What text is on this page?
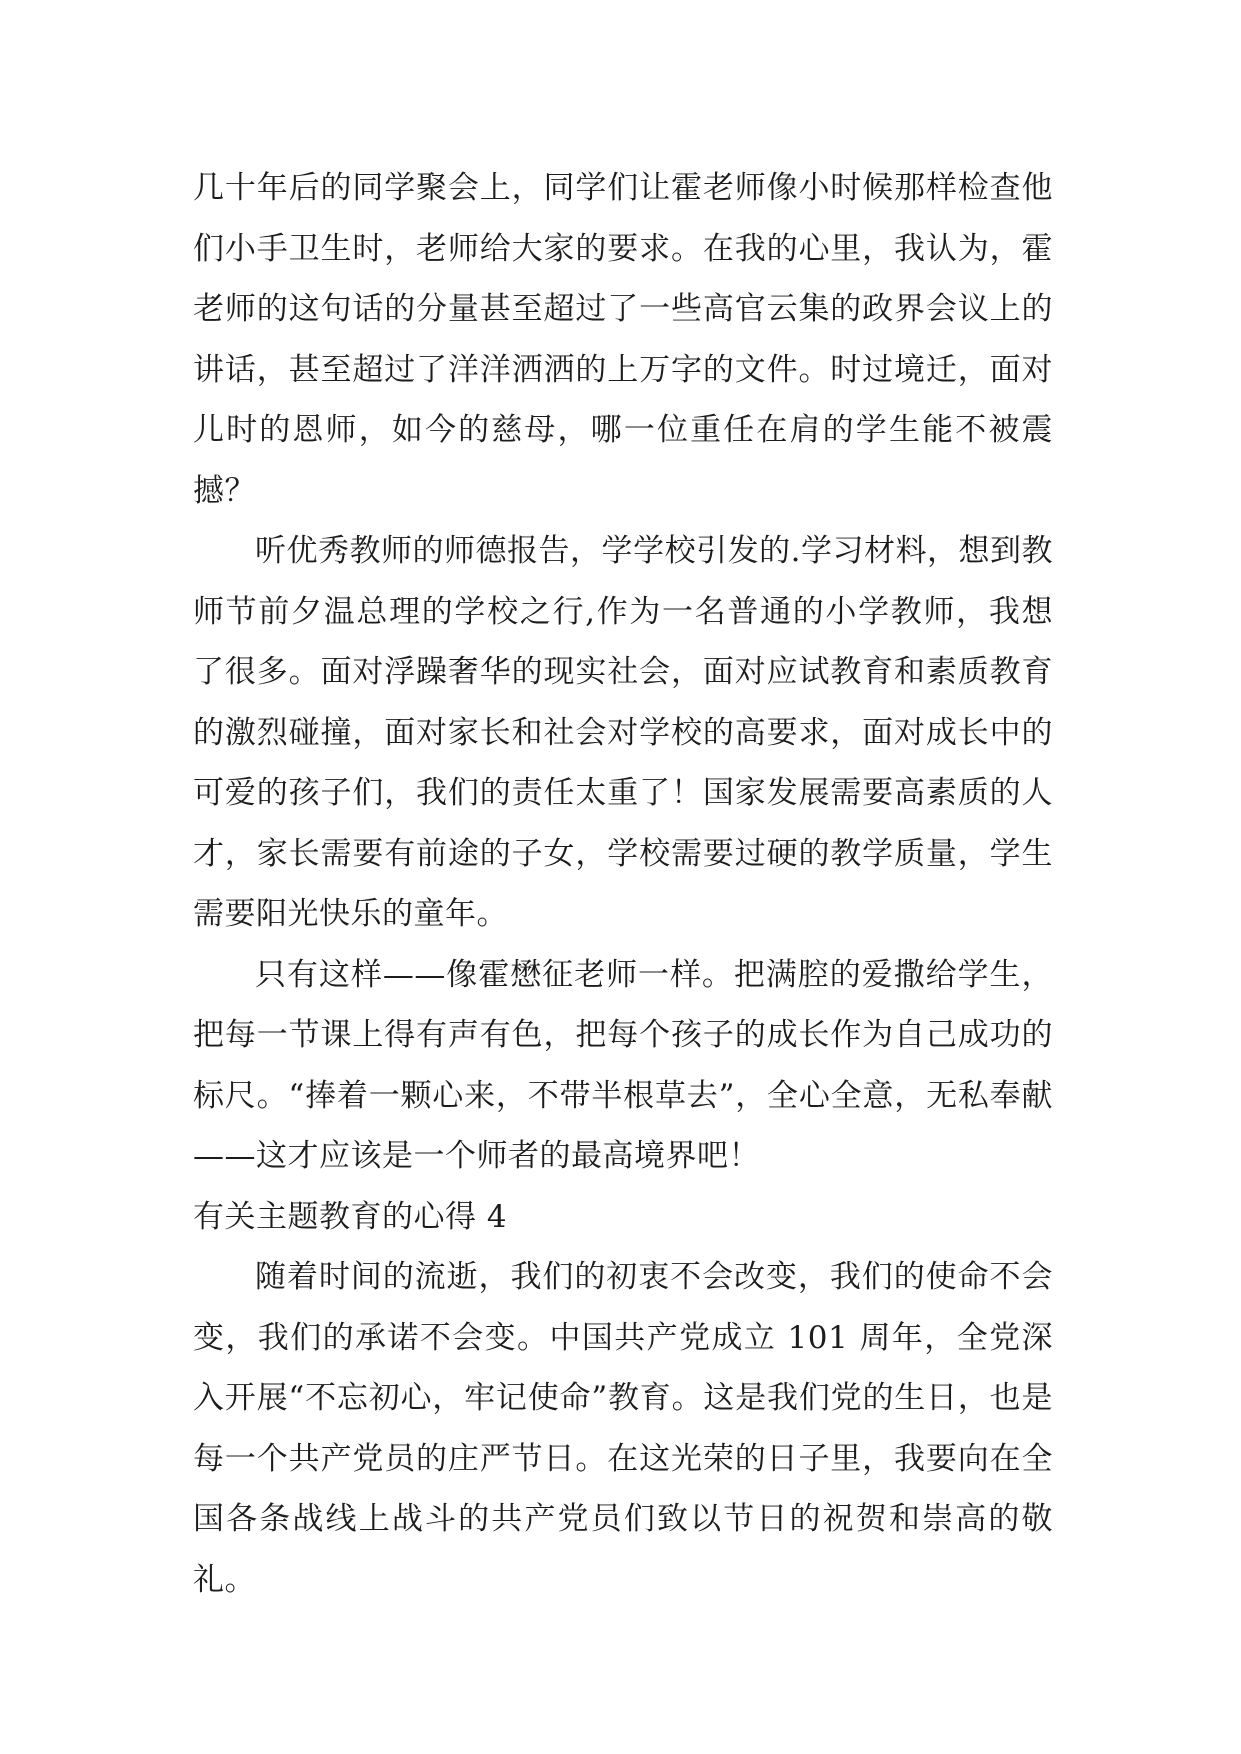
几十年后的同学聚会上，同学们让霍老师像小时候那样检查他们小手卫生时，老师给大家的要求。在我的心里，我认为，霍老师的这句话的分量甚至超过了一些高官云集的政界会议上的讲话，甚至超过了洋洋洒洒的上万字的文件。时过境迁，面对儿时的恩师，如今的慈母，哪一位重任在肩的学生能不被震撼？

听优秀教师的师德报告，学学校引发的.学习材料，想到教师节前夕温总理的学校之行,作为一名普通的小学教师，我想了很多。面对浮躁奢华的现实社会，面对应试教育和素质教育的激烈碰撞，面对家长和社会对学校的高要求，面对成长中的可爱的孩子们，我们的责任太重了！国家发展需要高素质的人才，家长需要有前途的子女，学校需要过硬的教学质量，学生需要阳光快乐的童年。

只有这样——像霍懋征老师一样。把满腔的爱撒给学生，把每一节课上得有声有色，把每个孩子的成长作为自己成功的标尺。“捧着一颗心来，不带半根草去”，全心全意，无私奉献——这才应该是一个师者的最高境界吧！

有关主题教育的心得 4

随着时间的流逝，我们的初衷不会改变，我们的使命不会变，我们的承诺不会变。中国共产党成立 101 周年，全党深入开展“不忘初心，牢记使命”教育。这是我们党的生日，也是每一个共产党员的庄严节日。在这光荣的日子里，我要向在全国各条战线上战斗的共产党员们致以节日的祝贺和崇高的敬礼。
